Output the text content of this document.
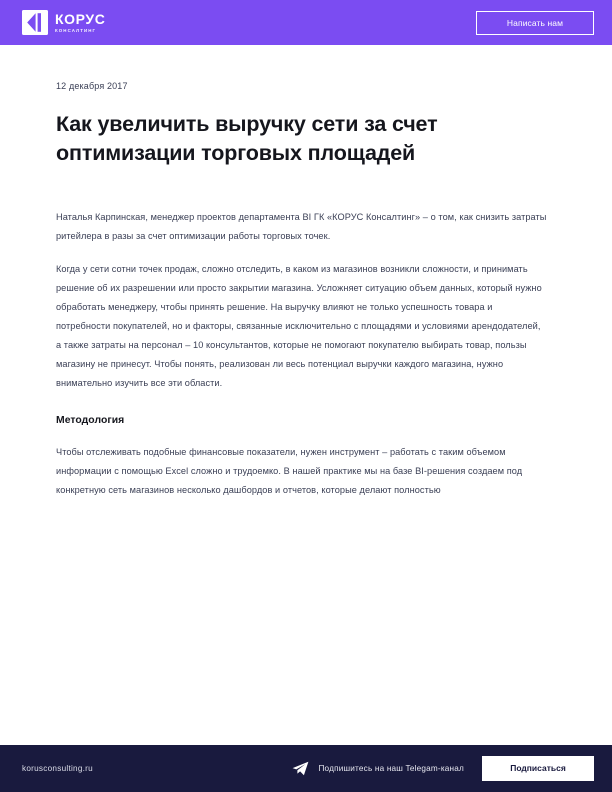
КОРУС
КОНСАЛТИНГ
Написать нам
12 декабря 2017
Как увеличить выручку сети за счет оптимизации торговых площадей

Наталья Карпинская, менеджер проектов департамента BI ГК «КОРУС Консалтинг» – о том, как снизить затраты ритейлера в разы за счет оптимизации работы торговых точек.

Когда у сети сотни точек продаж, сложно отследить, в каком из магазинов возникли сложности, и принимать решение об их разрешении или просто закрытии магазина. Усложняет ситуацию объем данных, который нужно обработать менеджеру, чтобы принять решение. На выручку влияют не только успешность товара и потребности покупателей, но и факторы, связанные исключительно с площадями и условиями арендодателей, а также затраты на персонал – 10 консультантов, которые не помогают покупателю выбирать товар, пользы магазину не принесут. Чтобы понять, реализован ли весь потенциал выручки каждого магазина, нужно внимательно изучить все эти области.

Методология

Чтобы отслеживать подобные финансовые показатели, нужен инструмент – работать с таким объемом информации с помощью Excel сложно и трудоемко. В нашей практике мы на базе BI-решения создаем под конкретную сеть магазинов несколько дашбордов и отчетов, которые делают полностью

korusconsulting.ru	Подпишитесь на наш Telegam-канал	Подписаться
